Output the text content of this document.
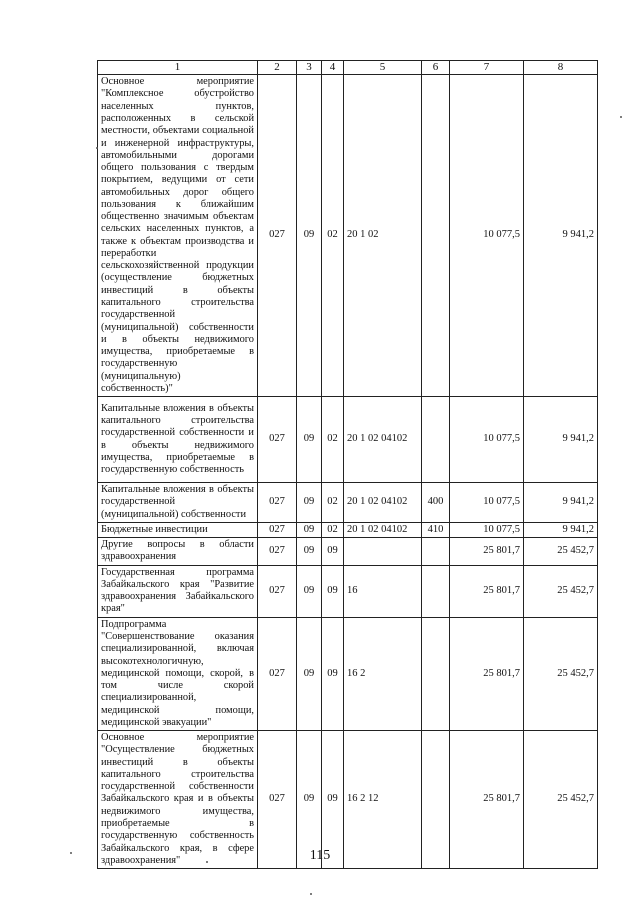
1	2	3	4	5	6	7	8
Основное мероприятие "Комплексное обустройство населенных пунктов, расположенных в сельской местности, объектами социальной и инженерной инфраструктуры, автомобильными дорогами общего пользования с твердым покрытием, ведущими от сети автомобильных дорог общего пользования к ближайшим общественно значимым объектам сельских населенных пунктов, а также к объектам производства и переработки сельскохозяйственной продукции (осуществление бюджетных инвестиций в объекты капитального строительства государственной (муниципальной) собственности и в объекты недвижимого имущества, приобретаемые в государственную (муниципальную) собственность)"	027	09	02	20 1 02		10 077,5	9 941,2
Капитальные вложения в объекты капитального строительства государственной собственности и в объекты недвижимого имущества, приобретаемые в государственную собственность	027	09	02	20 1 02 04102		10 077,5	9 941,2
Капитальные вложения в объекты государственной (муниципальной) собственности	027	09	02	20 1 02 04102	400	10 077,5	9 941,2
Бюджетные инвестиции	027	09	02	20 1 02 04102	410	10 077,5	9 941,2
Другие вопросы в области здравоохранения	027	09	09			25 801,7	25 452,7
Государственная программа Забайкальского края "Развитие здравоохранения Забайкальского края"	027	09	09	16		25 801,7	25 452,7
Подпрограмма "Совершенствование оказания специализированной, включая высокотехнологичную, медицинской помощи, скорой, в том числе скорой специализированной, медицинской помощи, медицинской эвакуации"	027	09	09	16 2		25 801,7	25 452,7
Основное мероприятие "Осуществление бюджетных инвестиций в объекты капитального строительства государственной собственности Забайкальского края и в объекты недвижимого имущества, приобретаемые в государственную собственность Забайкальского края, в сфере здравоохранения"	027	09	09	16 2 12		25 801,7	25 452,7
115
